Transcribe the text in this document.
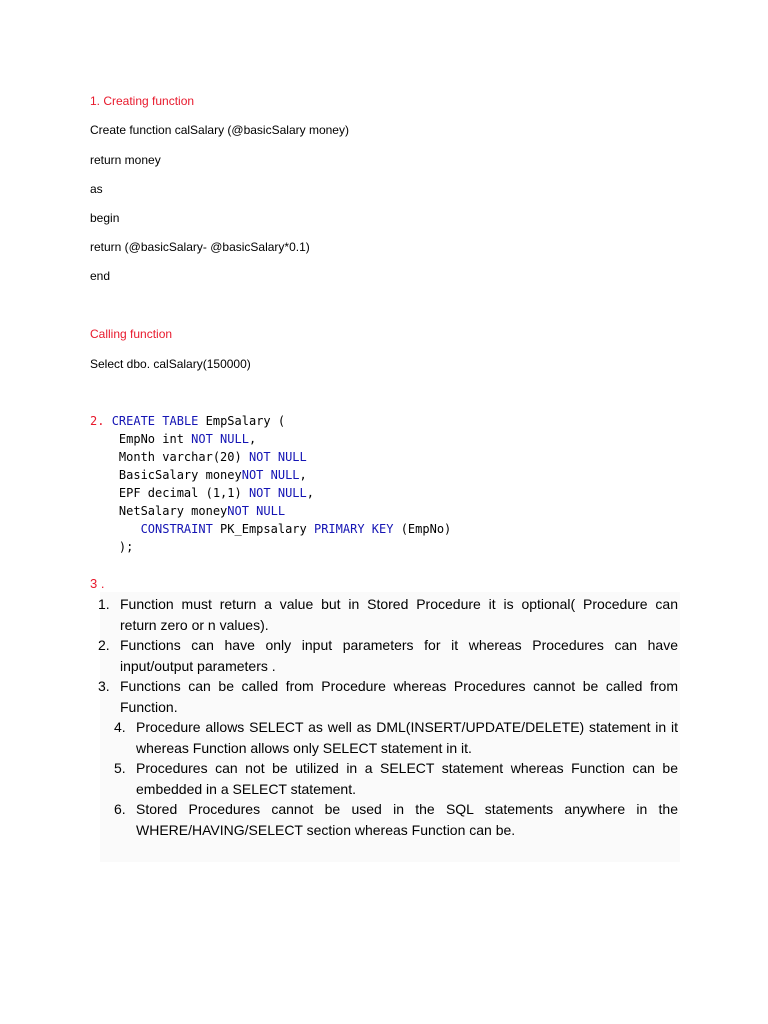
1. Creating function
Create function calSalary (@basicSalary money)
return money
as
begin
return (@basicSalary- @basicSalary*0.1)
end
Calling function
Select dbo. calSalary(150000)
2. CREATE TABLE EmpSalary (
EmpNo int NOT NULL,
Month varchar(20) NOT NULL
BasicSalary moneyNOT NULL,
EPF decimal (1,1) NOT NULL,
NetSalary moneyNOT NULL
CONSTRAINT PK_Empsalary PRIMARY KEY (EmpNo)
);
3 .
1. Function must return a value but in Stored Procedure it is optional( Procedure can
return zero or n values).
2. Functions can have only input parameters for it whereas Procedures can have
input/output parameters .
3. Functions can be called from Procedure whereas Procedures cannot be called from
Function.
4. Procedure allows SELECT as well as DML(INSERT/UPDATE/DELETE) statement in it
whereas Function allows only SELECT statement in it.
5. Procedures can not be utilized in a SELECT statement whereas Function can be
embedded in a SELECT statement.
6. Stored Procedures cannot be used in the SQL statements anywhere in the
WHERE/HAVING/SELECT section whereas Function can be.
